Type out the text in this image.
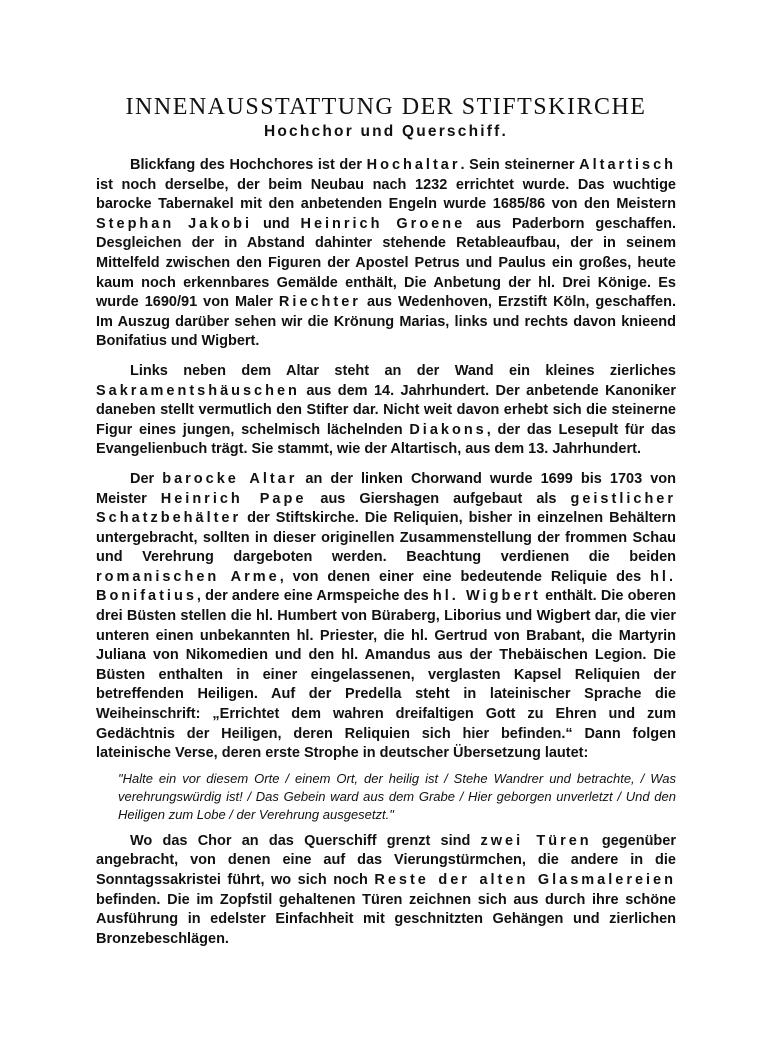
INNENAUSSTATTUNG DER STIFTSKIRCHE
Hochchor und Querschiff.

Blickfang des Hochchores ist der Hochaltar. Sein steinerner Altartisch ist noch derselbe, der beim Neubau nach 1232 errichtet wurde. Das wuchtige barocke Tabernakel mit den anbetenden Engeln wurde 1685/86 von den Meistern Stephan Jakobi und Heinrich Groene aus Paderborn geschaffen. Desgleichen der in Abstand dahinter stehende Retableaufbau, der in seinem Mittelfeld zwischen den Figuren der Apostel Petrus und Paulus ein großes, heute kaum noch erkennbares Gemälde enthält, Die Anbetung der hl. Drei Könige. Es wurde 1690/91 von Maler Riechter aus Wedenhoven, Erzstift Köln, geschaffen. Im Auszug darüber sehen wir die Krönung Marias, links und rechts davon knieend Bonifatius und Wigbert.

Links neben dem Altar steht an der Wand ein kleines zierliches Sakramentshäuschen aus dem 14. Jahrhundert. Der anbetende Kanoniker daneben stellt vermutlich den Stifter dar. Nicht weit davon erhebt sich die steinerne Figur eines jungen, schelmisch lächelnden Diakons, der das Lesepult für das Evangelienbuch trägt. Sie stammt, wie der Altartisch, aus dem 13. Jahrhundert.

Der barocke Altar an der linken Chorwand wurde 1699 bis 1703 von Meister Heinrich Pape aus Giershagen aufgebaut als geistlicher Schatzbehälter der Stiftskirche. Die Reliquien, bisher in einzelnen Behältern untergebracht, sollten in dieser originellen Zusammenstellung der frommen Schau und Verehrung dargeboten werden. Beachtung verdienen die beiden romanischen Arme, von denen einer eine bedeutende Reliquie des hl. Bonifatius, der andere eine Armspeiche des hl. Wigbert enthält. Die oberen drei Büsten stellen die hl. Humbert von Büraberg, Liborius und Wigbert dar, die vier unteren einen unbekannten hl. Priester, die hl. Gertrud von Brabant, die Martyrin Juliana von Nikomedien und den hl. Amandus aus der Thebäischen Legion. Die Büsten enthalten in einer eingelassenen, verglasten Kapsel Reliquien der betreffenden Heiligen. Auf der Predella steht in lateinischer Sprache die Weiheinschrift: „Errichtet dem wahren dreifaltigen Gott zu Ehren und zum Gedächtnis der Heiligen, deren Reliquien sich hier befinden.“ Dann folgen lateinische Verse, deren erste Strophe in deutscher Übersetzung lautet:

"Halte ein vor diesem Orte / einem Ort, der heilig ist / Stehe Wandrer und betrachte, / Was verehrungswürdig ist! / Das Gebein ward aus dem Grabe / Hier geborgen unverletzt / Und den Heiligen zum Lobe / der Verehrung ausgesetzt."

Wo das Chor an das Querschiff grenzt sind zwei Türen gegenüber angebracht, von denen eine auf das Vierungstürmchen, die andere in die Sonntagssakristei führt, wo sich noch Reste der alten Glasmalereien befinden. Die im Zopfstil gehaltenen Türen zeichnen sich aus durch ihre schöne Ausführung in edelster Einfachheit mit geschnitzten Gehängen und zierlichen Bronzebeschlägen.
